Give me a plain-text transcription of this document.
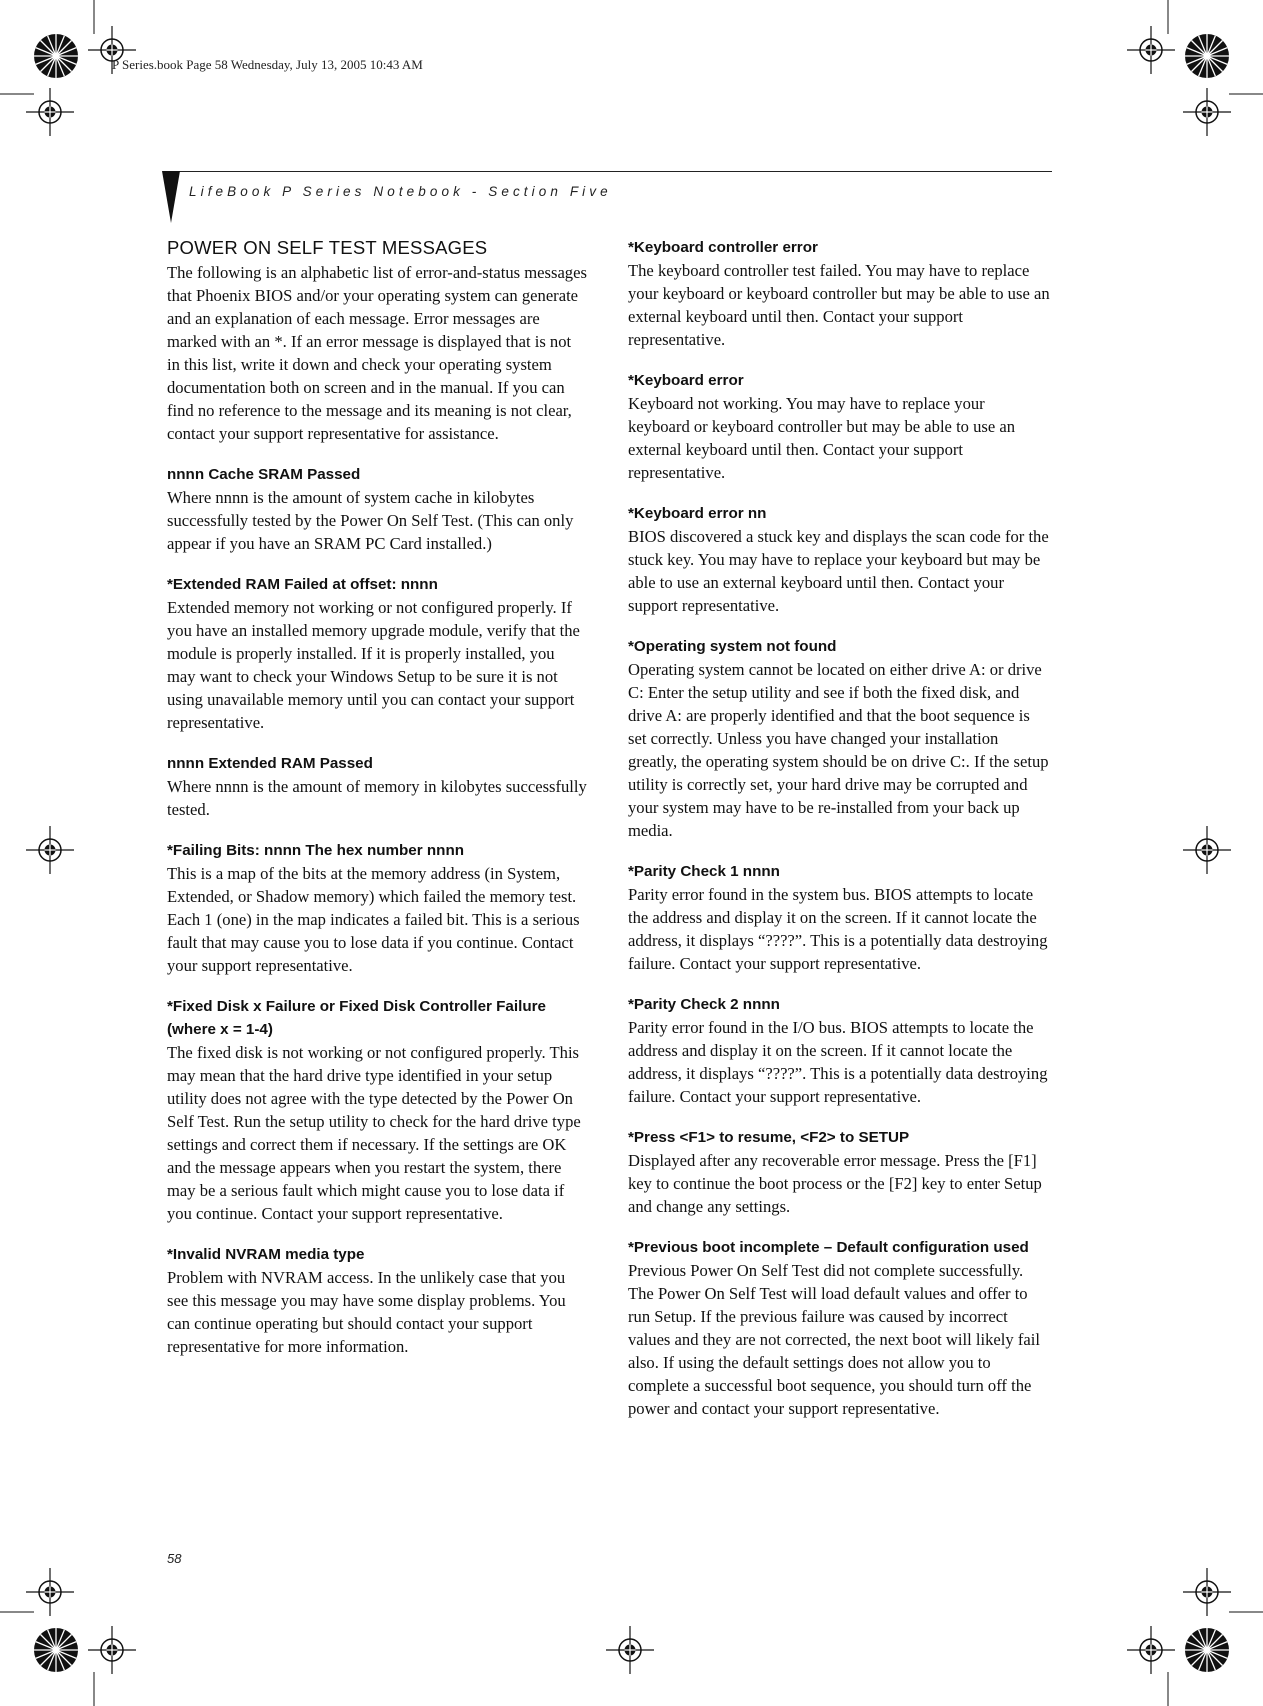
P Series.book Page 58 Wednesday, July 13, 2005 10:43 AM
LifeBook P Series Notebook - Section Five
POWER ON SELF TEST MESSAGES

The following is an alphabetic list of error-and-status messages that Phoenix BIOS and/or your operating system can generate and an explanation of each message. Error messages are marked with an *. If an error message is displayed that is not in this list, write it down and check your operating system documentation both on screen and in the manual. If you can find no reference to the message and its meaning is not clear, contact your support representative for assistance.

nnnn Cache SRAM Passed

Where nnnn is the amount of system cache in kilobytes successfully tested by the Power On Self Test. (This can only appear if you have an SRAM PC Card installed.)

*Extended RAM Failed at offset: nnnn

Extended memory not working or not configured properly. If you have an installed memory upgrade module, verify that the module is properly installed. If it is properly installed, you may want to check your Windows Setup to be sure it is not using unavailable memory until you can contact your support representative.

nnnn Extended RAM Passed

Where nnnn is the amount of memory in kilobytes successfully tested.

*Failing Bits: nnnn The hex number nnnn

This is a map of the bits at the memory address (in System, Extended, or Shadow memory) which failed the memory test. Each 1 (one) in the map indicates a failed bit. This is a serious fault that may cause you to lose data if you continue. Contact your support representative.

*Fixed Disk x Failure or Fixed Disk Controller Failure (where x = 1-4)

The fixed disk is not working or not configured properly. This may mean that the hard drive type identified in your setup utility does not agree with the type detected by the Power On Self Test. Run the setup utility to check for the hard drive type settings and correct them if necessary. If the settings are OK and the message appears when you restart the system, there may be a serious fault which might cause you to lose data if you continue. Contact your support representative.

*Invalid NVRAM media type

Problem with NVRAM access. In the unlikely case that you see this message you may have some display problems. You can continue operating but should contact your support representative for more information.

*Keyboard controller error

The keyboard controller test failed. You may have to replace your keyboard or keyboard controller but may be able to use an external keyboard until then. Contact your support representative.

*Keyboard error

Keyboard not working. You may have to replace your keyboard or keyboard controller but may be able to use an external keyboard until then. Contact your support representative.

*Keyboard error nn

BIOS discovered a stuck key and displays the scan code for the stuck key. You may have to replace your keyboard but may be able to use an external keyboard until then. Contact your support representative.

*Operating system not found

Operating system cannot be located on either drive A: or drive C: Enter the setup utility and see if both the fixed disk, and drive A: are properly identified and that the boot sequence is set correctly. Unless you have changed your installation greatly, the operating system should be on drive C:. If the setup utility is correctly set, your hard drive may be corrupted and your system may have to be re-installed from your back up media.

*Parity Check 1 nnnn

Parity error found in the system bus. BIOS attempts to locate the address and display it on the screen. If it cannot locate the address, it displays “????”. This is a potentially data destroying failure. Contact your support representative.

*Parity Check 2 nnnn

Parity error found in the I/O bus. BIOS attempts to locate the address and display it on the screen. If it cannot locate the address, it displays “????”. This is a potentially data destroying failure. Contact your support representative.

*Press <F1> to resume, <F2> to SETUP

Displayed after any recoverable error message. Press the [F1] key to continue the boot process or the [F2] key to enter Setup and change any settings.

*Previous boot incomplete – Default configuration used

Previous Power On Self Test did not complete successfully. The Power On Self Test will load default values and offer to run Setup. If the previous failure was caused by incorrect values and they are not corrected, the next boot will likely fail also. If using the default settings does not allow you to complete a successful boot sequence, you should turn off the power and contact your support representative.

58
